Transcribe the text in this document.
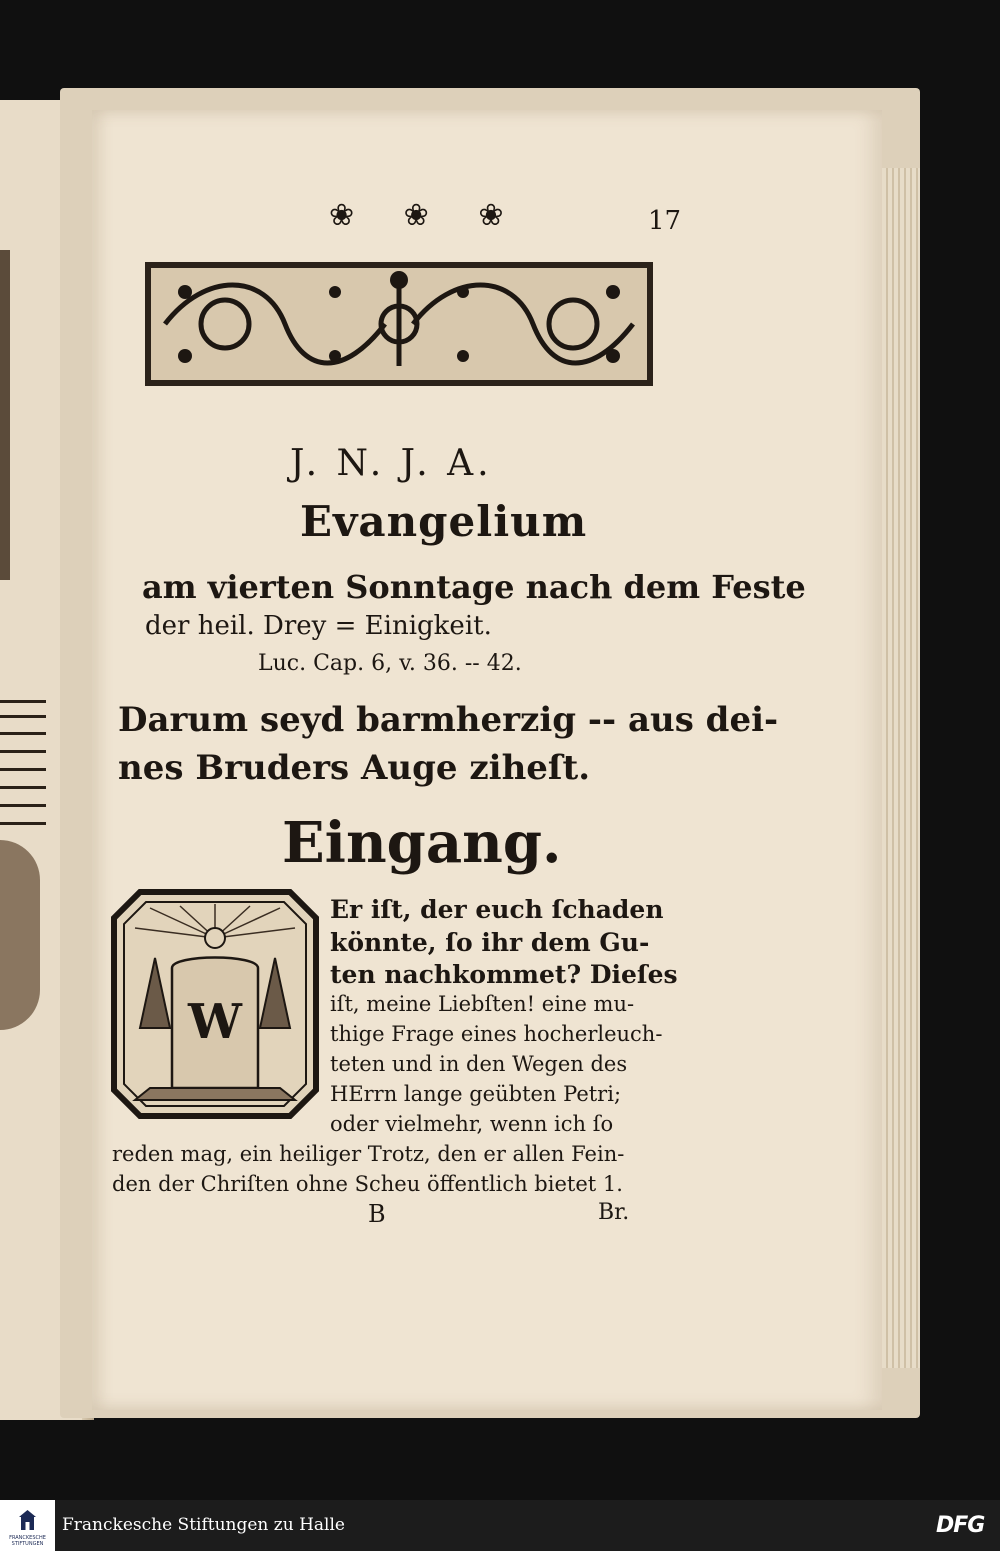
❀ ❀ ❀	17
J. N. J. A.
Evangelium
am vierten Sonntage nach dem Feste
der heil. Drey = Einigkeit.
Luc. Cap. 6, v. 36. -- 42.
Darum seyd barmherzig -- aus dei-
nes Bruders Auge ziheſt.
Eingang.
W
Er iſt, der euch ſchaden
könnte, ſo ihr dem Gu-
ten nachkommet? Dieſes
iſt, meine Liebſten! eine mu-
thige Frage eines hocherleuch-
teten und in den Wegen des
HErrn lange geübten Petri;
oder vielmehr, wenn ich ſo
reden mag, ein heiliger Trotz, den er allen Fein-
den der Chriſten ohne Scheu öffentlich bietet 1.
B	Br.
FRANCKESCHE STIFTUNGEN
Franckesche Stiftungen zu Halle	DFG
